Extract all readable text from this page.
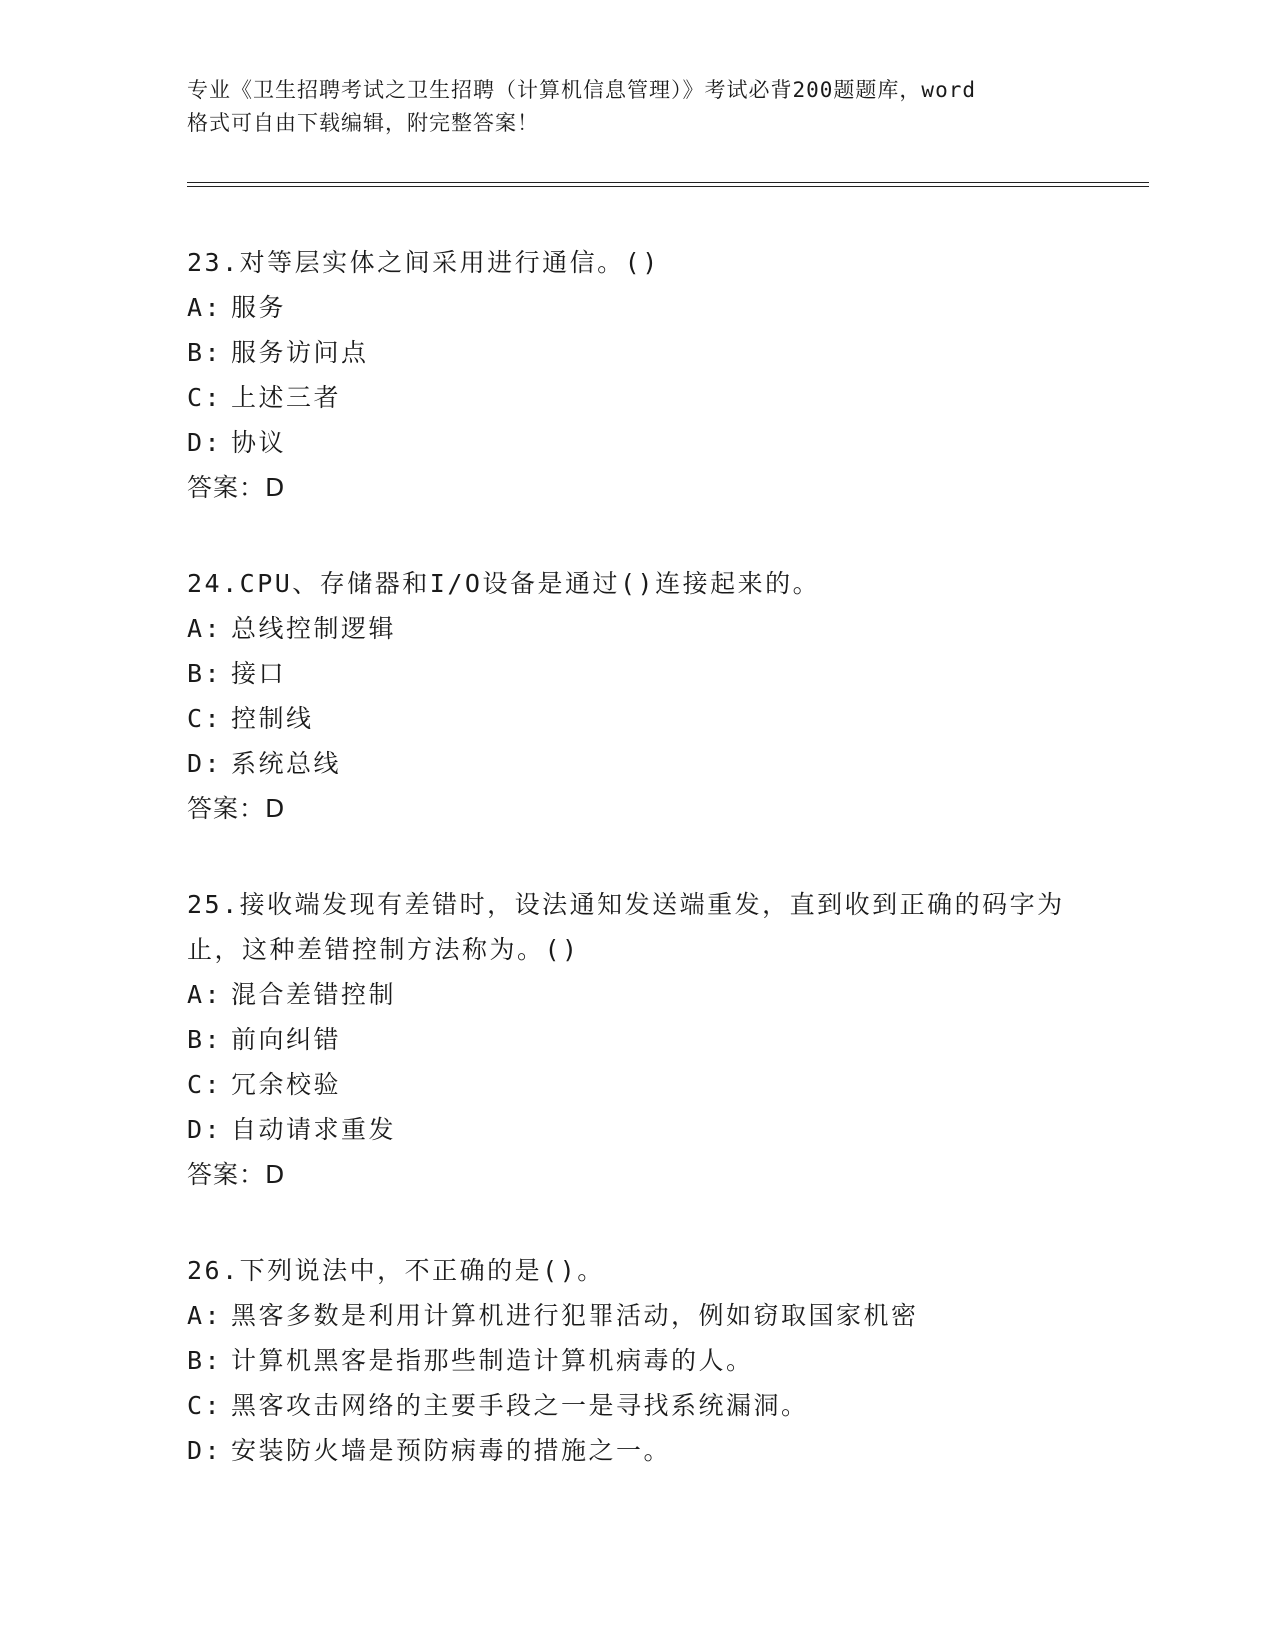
专业《卫生招聘考试之卫生招聘（计算机信息管理）》考试必背200题题库，word
格式可自由下载编辑，附完整答案！
23.对等层实体之间采用进行通信。()
A: 服务
B: 服务访问点
C: 上述三者
D: 协议
答案：D
24.CPU、存储器和I/O设备是通过()连接起来的。
A: 总线控制逻辑
B: 接口
C: 控制线
D: 系统总线
答案：D
25.接收端发现有差错时，设法通知发送端重发，直到收到正确的码字为止，这种差错控制方法称为。()
A: 混合差错控制
B: 前向纠错
C: 冗余校验
D: 自动请求重发
答案：D
26.下列说法中，不正确的是()。
A: 黑客多数是利用计算机进行犯罪活动，例如窃取国家机密
B: 计算机黑客是指那些制造计算机病毒的人。
C: 黑客攻击网络的主要手段之一是寻找系统漏洞。
D: 安装防火墙是预防病毒的措施之一。
